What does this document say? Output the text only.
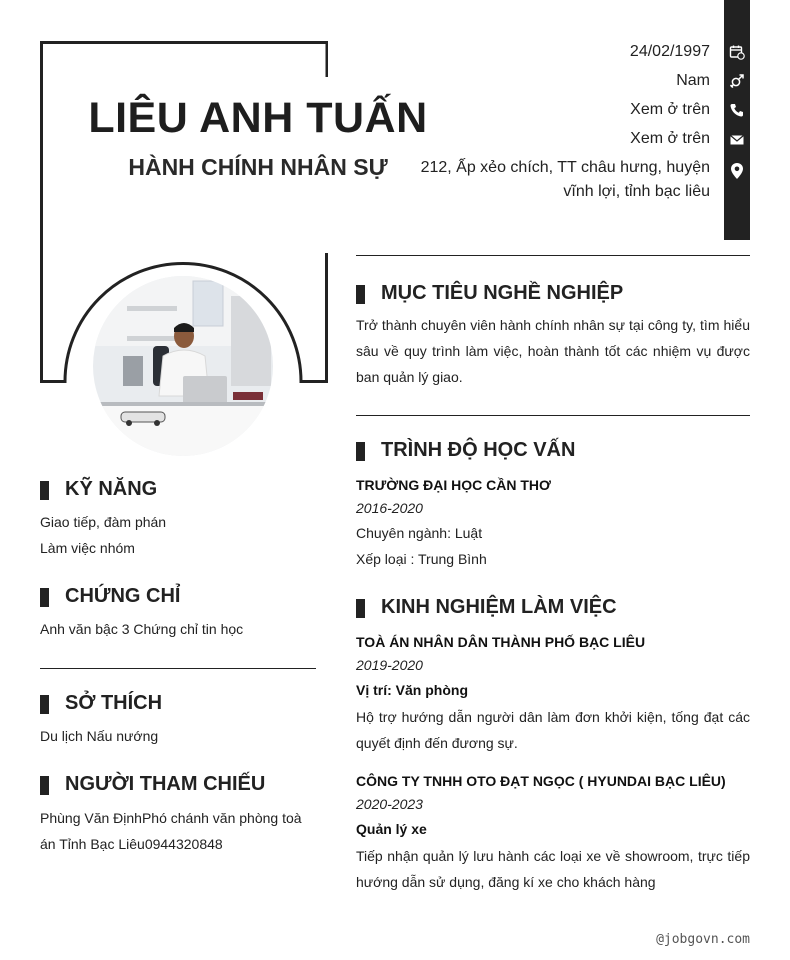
LIÊU ANH TUẤN
HÀNH CHÍNH NHÂN SỰ
24/02/1997
Nam
Xem ở trên
Xem ở trên
212, Ấp xẻo chích, TT châu hưng, huyện vĩnh lợi, tỉnh bạc liêu
KỸ NĂNG
Giao tiếp, đàm phán
Làm việc nhóm
CHỨNG CHỈ
Anh văn bậc 3 Chứng chỉ tin học
SỞ THÍCH
Du lịch Nấu nướng
NGƯỜI THAM CHIẾU
Phùng Văn ĐịnhPhó chánh văn phòng toà án Tỉnh Bạc Liêu0944320848
MỤC TIÊU NGHỀ NGHIỆP
Trở thành chuyên viên hành chính nhân sự tại công ty, tìm hiểu sâu về quy trình làm việc, hoàn thành tốt các nhiệm vụ được ban quản lý giao.
TRÌNH ĐỘ HỌC VẤN
TRƯỜNG ĐẠI HỌC CẦN THƠ
2016-2020
Chuyên ngành: Luật
Xếp loại : Trung Bình
KINH NGHIỆM LÀM VIỆC
TOÀ ÁN NHÂN DÂN THÀNH PHỐ BẠC LIÊU
2019-2020
Vị trí: Văn phòng
Hộ trợ hướng dẫn người dân làm đơn khởi kiện, tống đạt các quyết định đến đương sự.
CÔNG TY TNHH OTO ĐẠT NGỌC ( HYUNDAI BẠC LIÊU)
2020-2023
Quản lý xe
Tiếp nhận quản lý lưu hành các loại xe về showroom, trực tiếp hướng dẫn sử dụng, đăng kí xe cho khách hàng
@jobgovn.com
